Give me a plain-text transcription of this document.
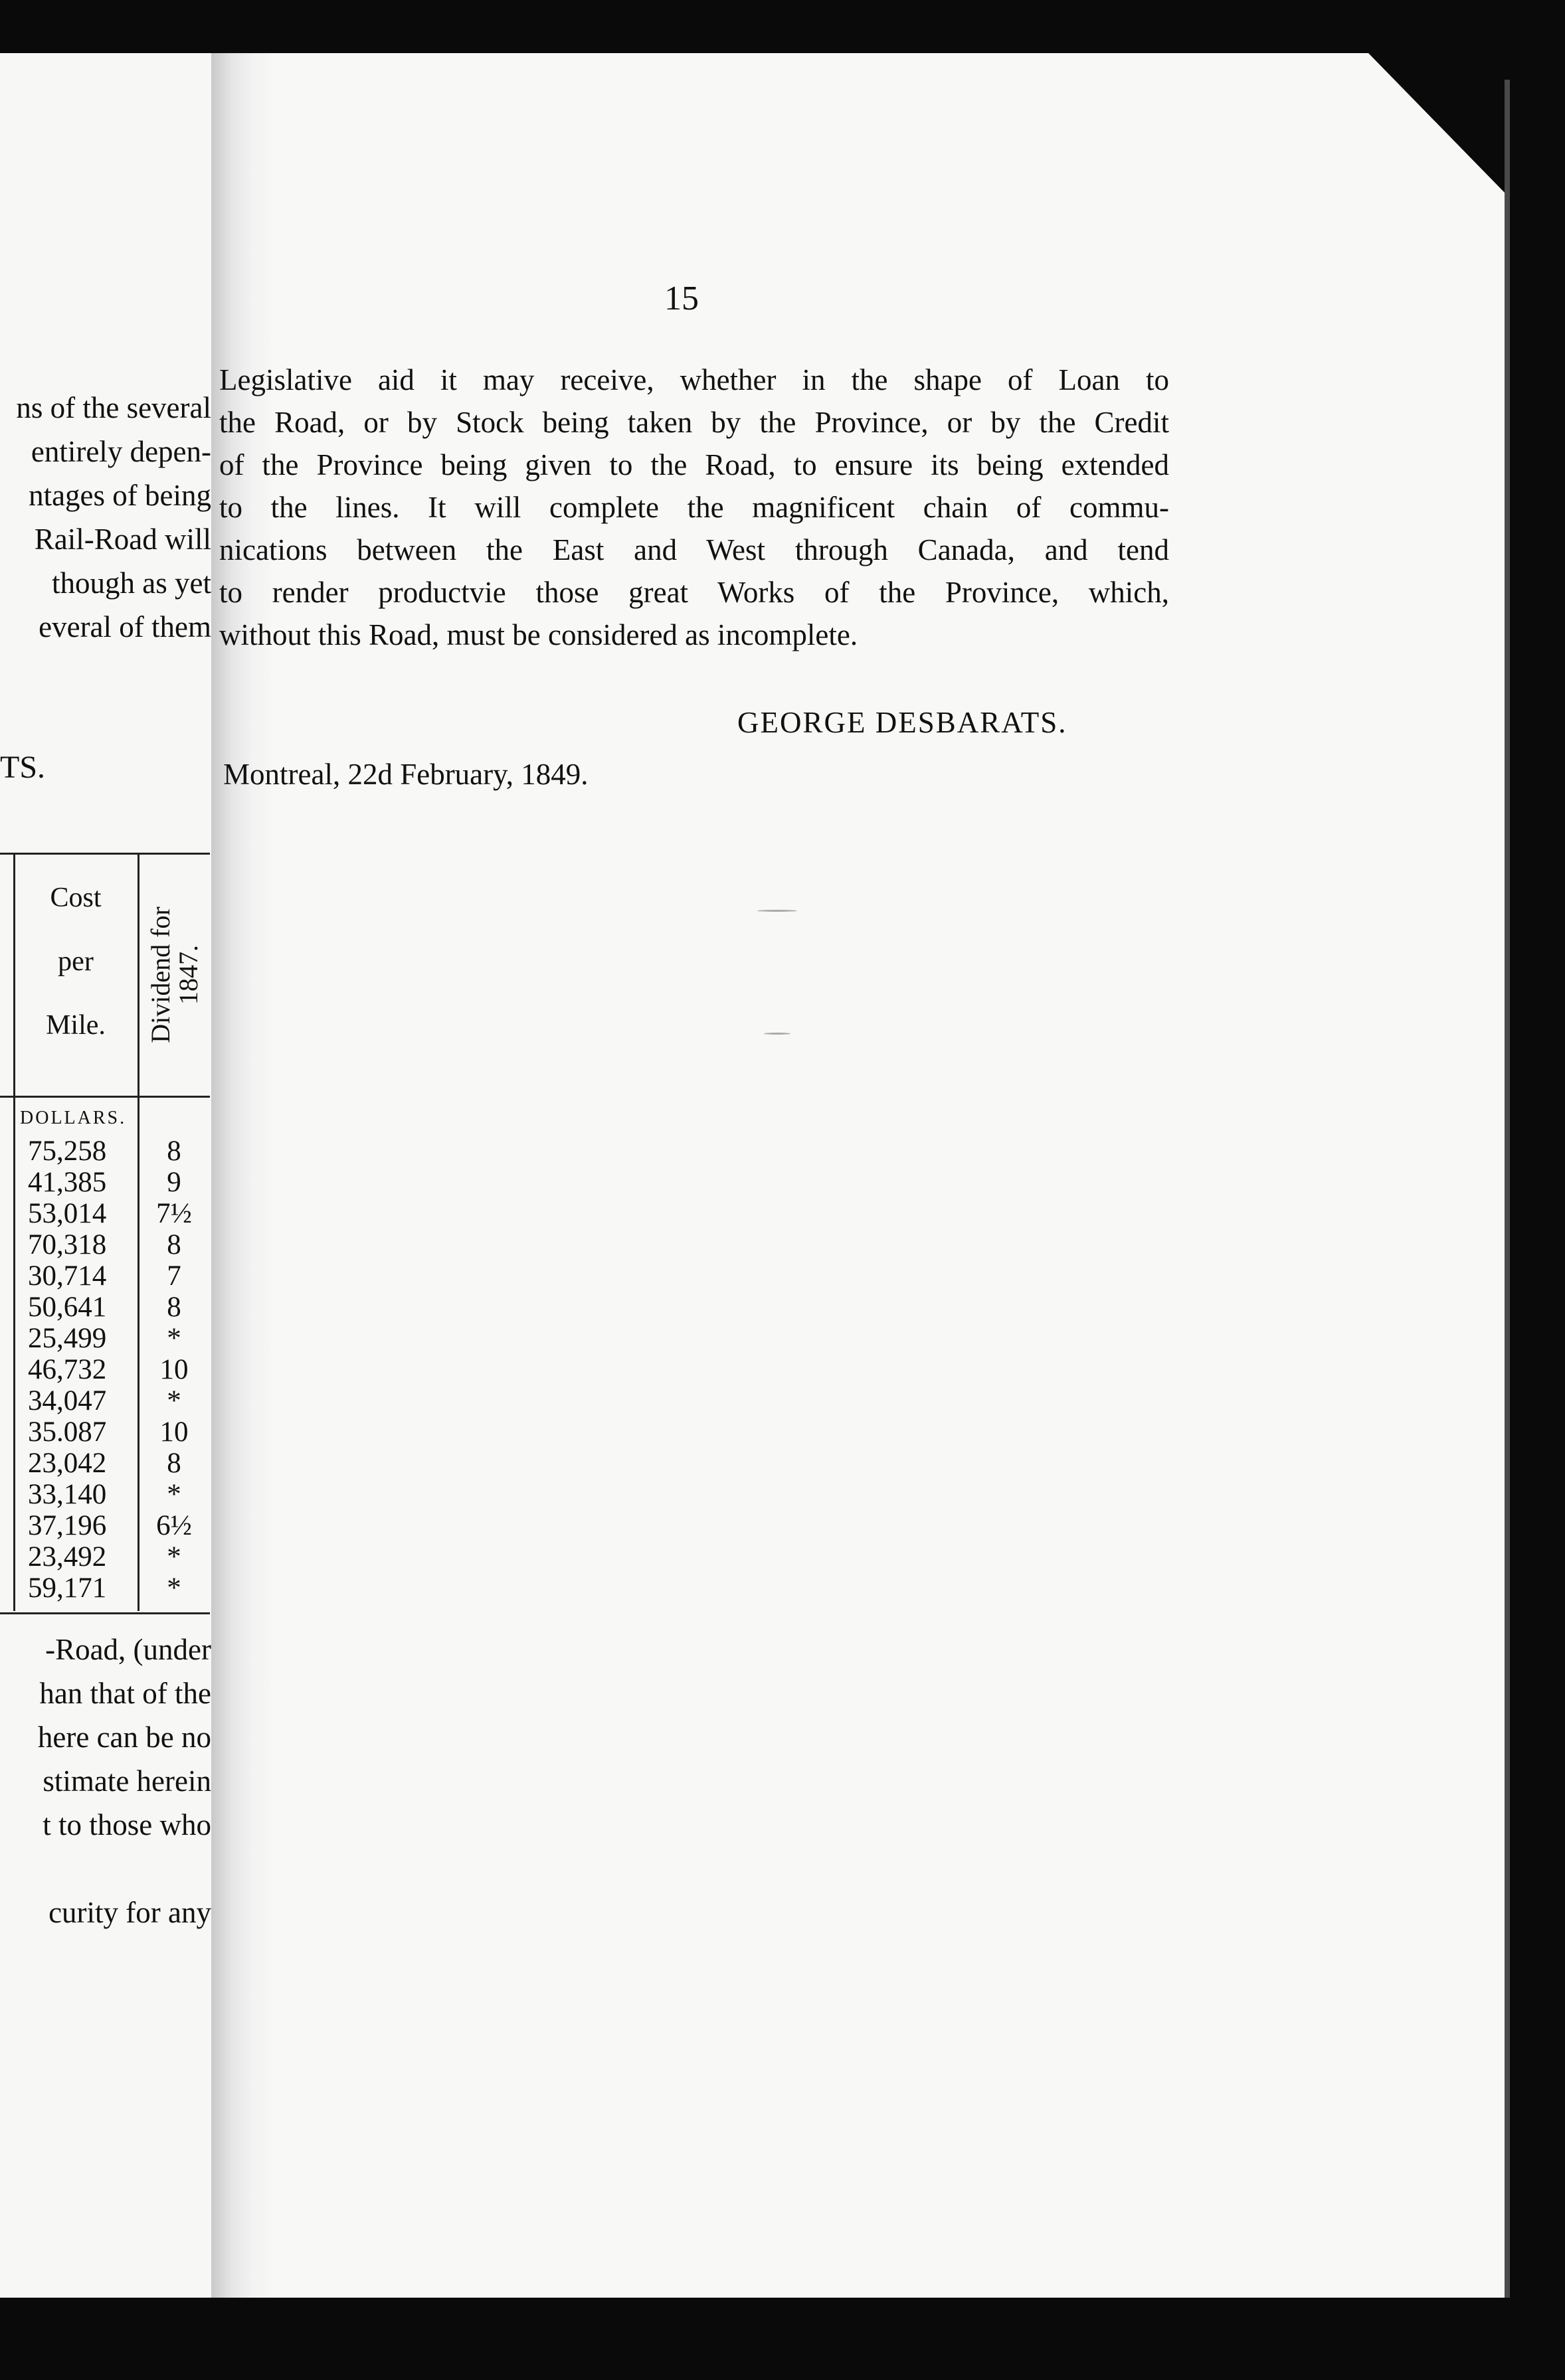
ns of the several
entirely depen-
ntages of being
Rail-Road will
though as yet
everal of them
TS.
Cost
per
Mile.	Dividend for
1847.
DOLLARS.
75,258
41,385
53,014
70,318
30,714
50,641
25,499
46,732
34,047
35.087
23,042
33,140
37,196
23,492
59,171
8
9
7½
8
7
8
*
10
*
10
8
*
6½
*
*
-Road, (under
han that of the
here can be no
stimate herein
t to those who
curity for any
15
Legislative aid it may receive, whether in the shape of Loan to
the Road, or by Stock being taken by the Province, or by the Credit
of the Province being given to the Road, to ensure its being extended
to the lines. It will complete the magnificent chain of commu-
nications between the East and West through Canada, and tend
to render productvie those great Works of the Province, which,
without this Road, must be considered as incomplete.
GEORGE DESBARATS.
Montreal, 22d February, 1849.
